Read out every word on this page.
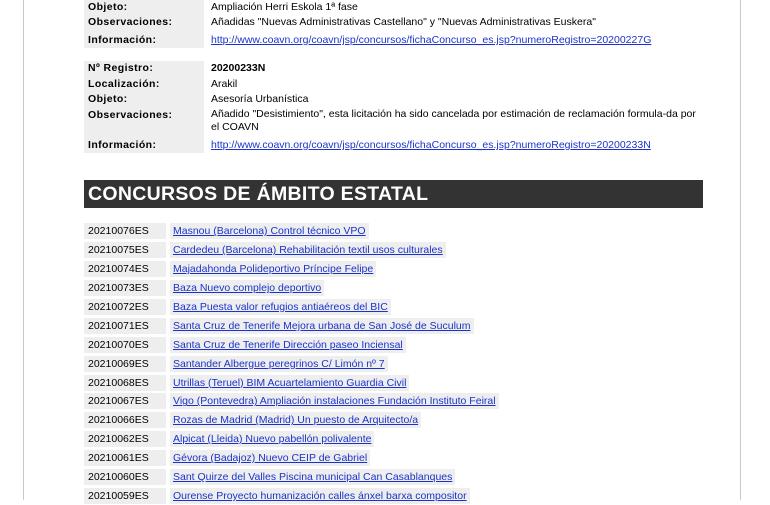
Objeto:	Ampliación Herri Eskola 1ª fase
Observaciones:	Añadidas "Nuevas Administrativas Castellano" y "Nuevas Administrativas Euskera"
Información:	http://www.coavn.org/coavn/jsp/concursos/fichaConcurso_es.jsp?numeroRegistro=20200227G
Nº Registro:	20200233N
Localización:	Arakil
Objeto:	Asesoría Urbanística
Observaciones:	Añadido "Desistimiento", esta licitación ha sido cancelada por estimación de reclamación formula-da por el COAVN
Información:	http://www.coavn.org/coavn/jsp/concursos/fichaConcurso_es.jsp?numeroRegistro=20200233N
CONCURSOS DE ÁMBITO ESTATAL
20210076ES	Masnou (Barcelona) Control técnico VPO
20210075ES	Cardedeu (Barcelona) Rehabilitación textil usos culturales
20210074ES	Majadahonda Polideportivo Príncipe Felipe
20210073ES	Baza Nuevo complejo deportivo
20210072ES	Baza Puesta valor refugios antiaéreos del BIC
20210071ES	Santa Cruz de Tenerife Mejora urbana de San José de Suculum
20210070ES	Santa Cruz de Tenerife Dirección paseo Inciensal
20210069ES	Santander Albergue peregrinos C/ Limón nº 7
20210068ES	Utrillas (Teruel) BIM Acuartelamiento Guardia Civil
20210067ES	Vigo (Pontevedra) Ampliación instalaciones Fundación Instituto Feiral
20210066ES	Rozas de Madrid (Madrid) Un puesto de Arquitecto/a
20210062ES	Alpicat (Lleida) Nuevo pabellón polivalente
20210061ES	Gévora (Badajoz) Nuevo CEIP de Gabriel
20210060ES	Sant Quirze del Valles Piscina municipal Can Casablanques
20210059ES	Ourense Proyecto humanización calles ánxel barxa compositor
